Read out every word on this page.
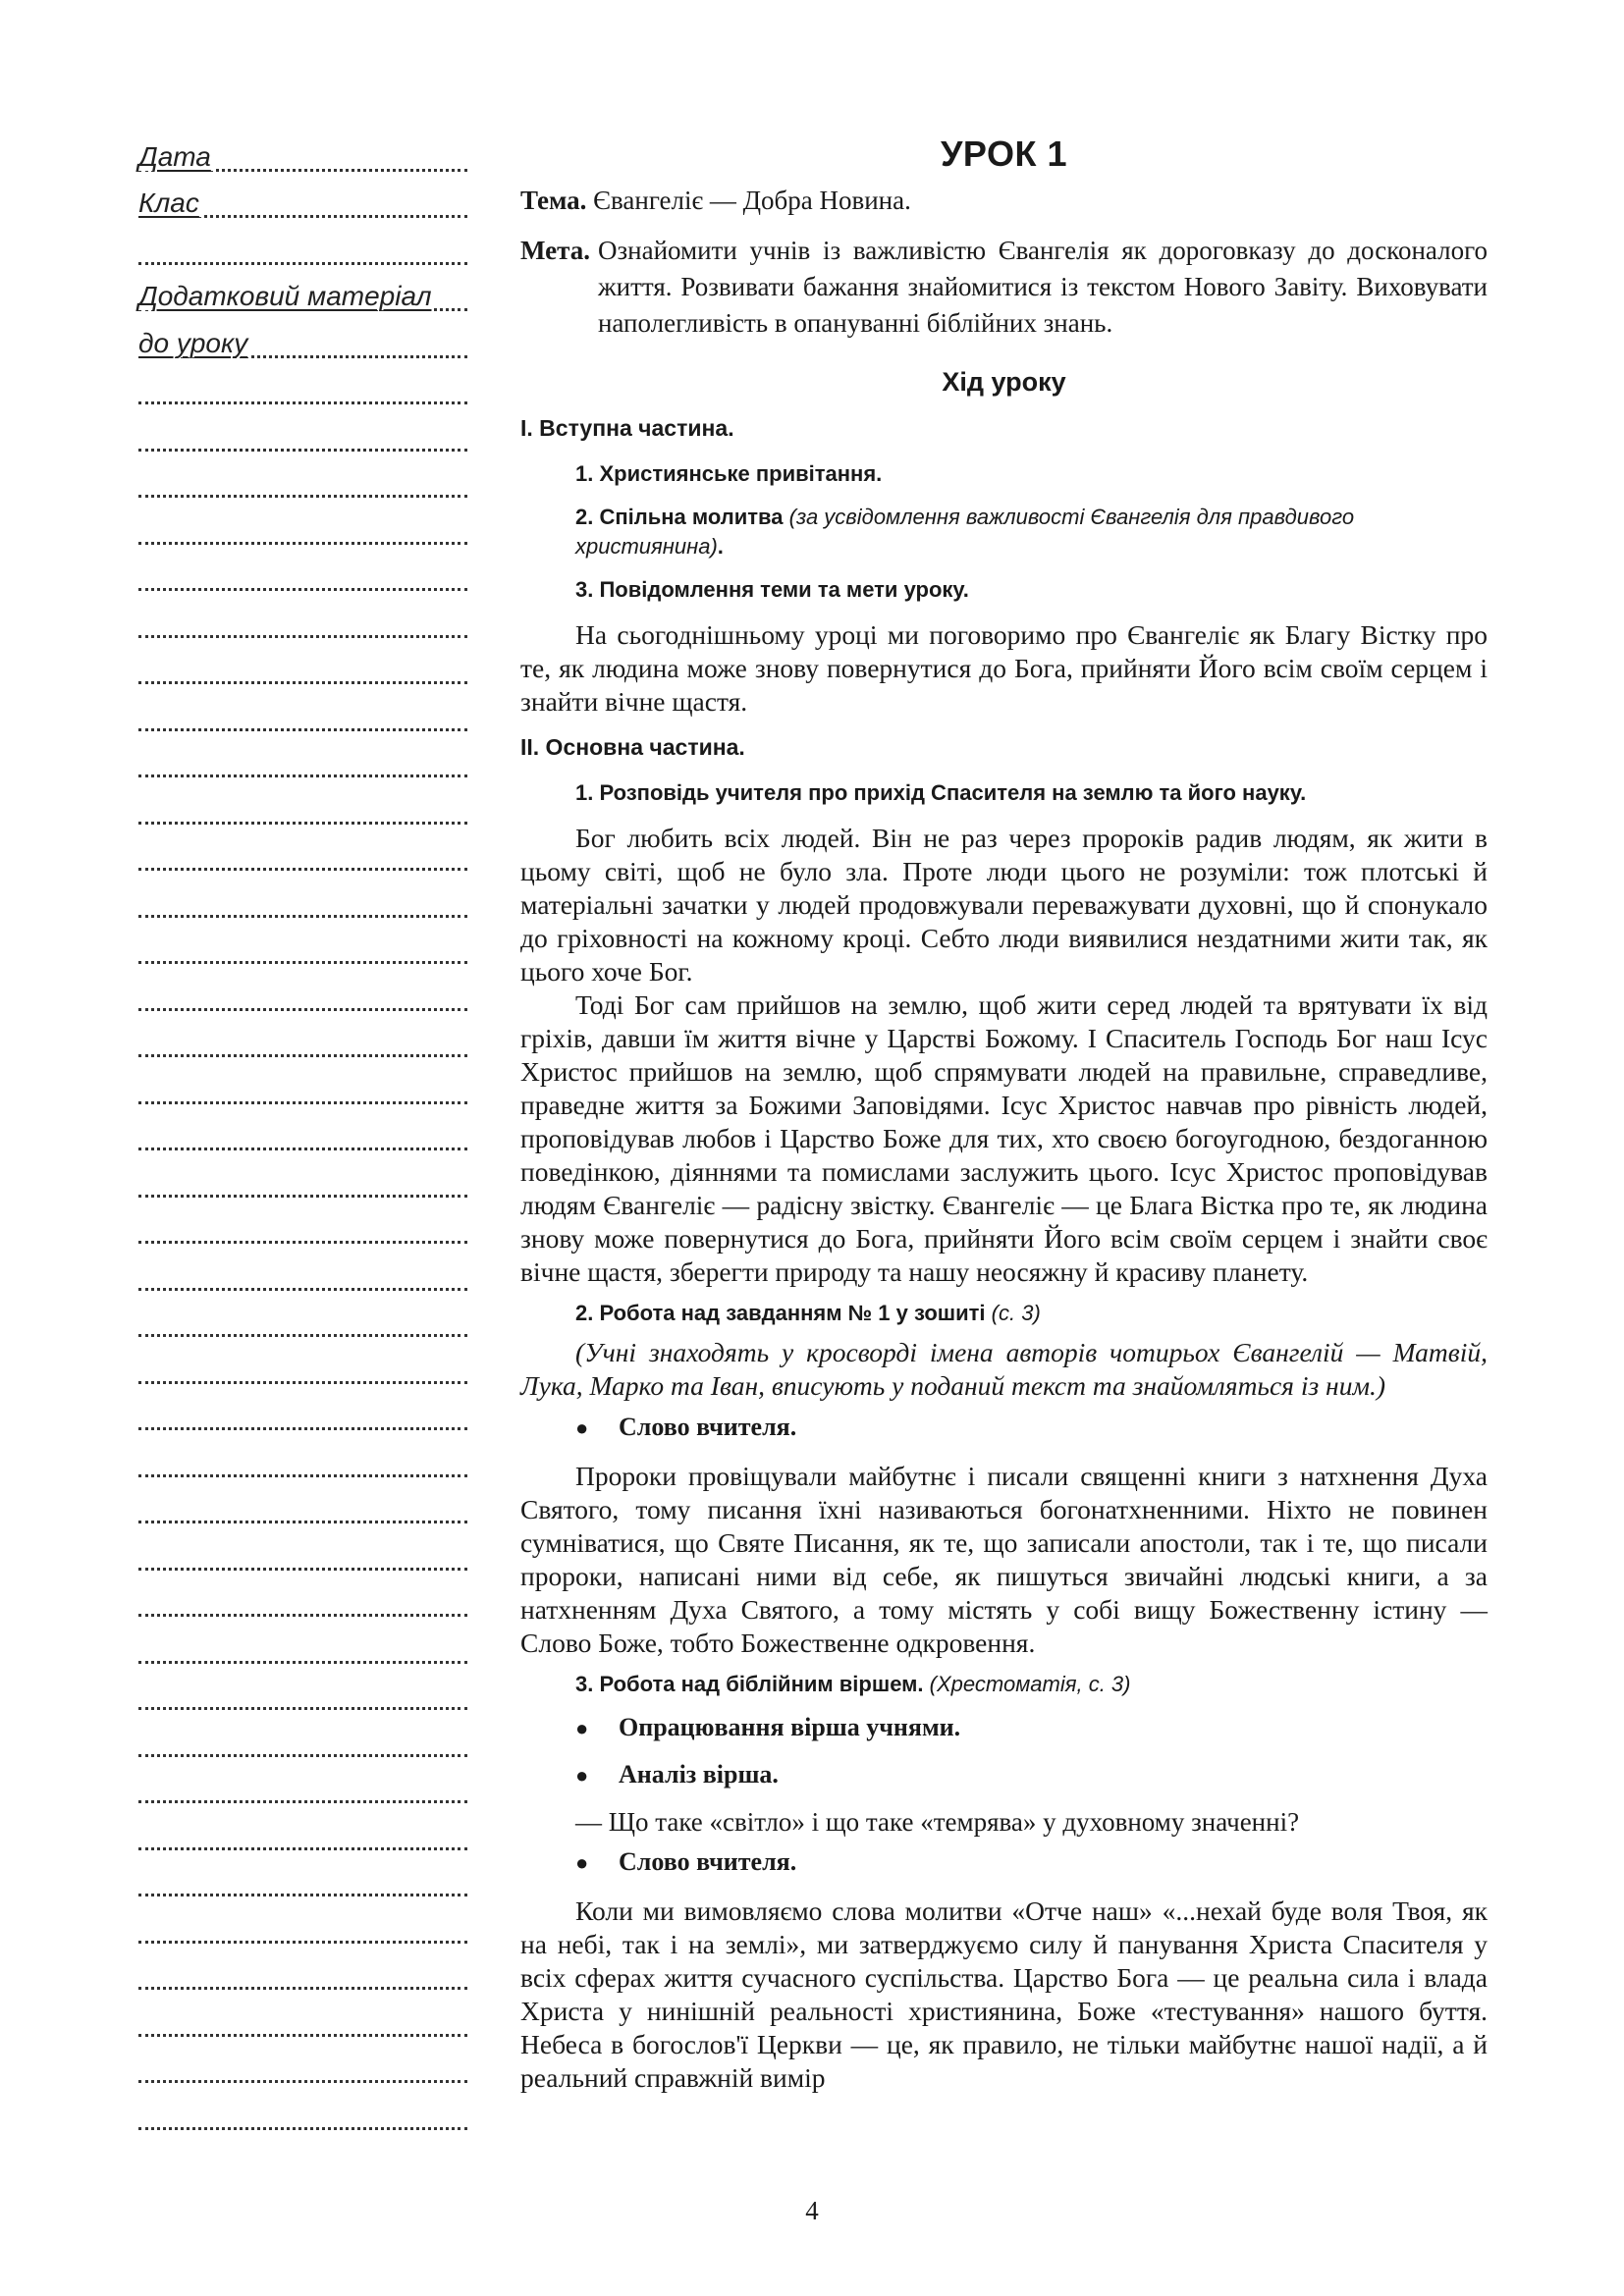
Дата
Клас
Додатковий матеріал
до уроку
УРОК 1
Тема. Євангеліє — Добра Новина.
Мета. Ознайомити учнів із важливістю Євангелія як дороговказу до досконалого життя. Розвивати бажання знайомитися із текстом Нового Завіту. Виховувати наполегливість в опануванні біблійних знань.
Хід уроку
І. Вступна частина.
1. Християнське привітання.
2. Спільна молитва (за усвідомлення важливості Євангелія для правдивого християнина).
3. Повідомлення теми та мети уроку.

На сьогоднішньому уроці ми поговоримо про Євангеліє як Благу Вістку про те, як людина може знову повернутися до Бога, прийняти Його всім своїм серцем і знайти вічне щастя.

ІІ. Основна частина.
1. Розповідь учителя про прихід Спасителя на землю та його науку.

Бог любить всіх людей. Він не раз через пророків радив людям, як жити в цьому світі, щоб не було зла. Проте люди цього не розуміли: тож плотські й матеріальні зачатки у людей продовжували переважувати духовні, що й спонукало до гріховності на кожному кроці. Себто люди виявилися нездатними жити так, як цього хоче Бог.

Тоді Бог сам прийшов на землю, щоб жити серед людей та врятувати їх від гріхів, давши їм життя вічне у Царстві Божому. І Спаситель Господь Бог наш Ісус Христос прийшов на землю, щоб спрямувати людей на правильне, справедливе, праведне життя за Божими Заповідями. Ісус Христос навчав про рівність людей, проповідував любов і Царство Боже для тих, хто своєю богоугодною, бездоганною поведінкою, діяннями та помислами заслужить цього. Ісус Христос проповідував людям Євангеліє — радісну звістку. Євангеліє — це Блага Вістка про те, як людина знову може повернутися до Бога, прийняти Його всім своїм серцем і знайти своє вічне щастя, зберегти природу та нашу неосяжну й красиву планету.

2. Робота над завданням № 1 у зошиті (с. 3)

(Учні знаходять у кросворді імена авторів чотирьох Євангелій — Матвій, Лука, Марко та Іван, вписують у поданий текст та знайомляться із ним.)

●	Слово вчителя.

Пророки провіщували майбутнє і писали священні книги з натхнення Духа Святого, тому писання їхні називаються богонатхненними. Ніхто не повинен сумніватися, що Святе Писання, як те, що записали апостоли, так і те, що писали пророки, написані ними від себе, як пишуться звичайні людські книги, а за натхненням Духа Святого, а тому містять у собі вищу Божественну істину — Слово Боже, тобто Божественне одкровення.

3. Робота над біблійним віршем. (Хрестоматія, с. 3)
●	Опрацювання вірша учнями.
●	Аналіз вірша.
— Що таке «світло» і що таке «темрява» у духовному значенні?
●	Слово вчителя.

Коли ми вимовляємо слова молитви «Отче наш» «...нехай буде воля Твоя, як на небі, так і на землі», ми затверджуємо силу й панування Христа Спасителя у всіх сферах життя сучасного суспільства. Царство Бога — це реальна сила і влада Христа у нинішній реальності християнина, Боже «тестування» нашого буття. Небеса в богослов'ї Церкви — це, як правило, не тільки майбутнє нашої надії, а й реальний справжній вимір

4
